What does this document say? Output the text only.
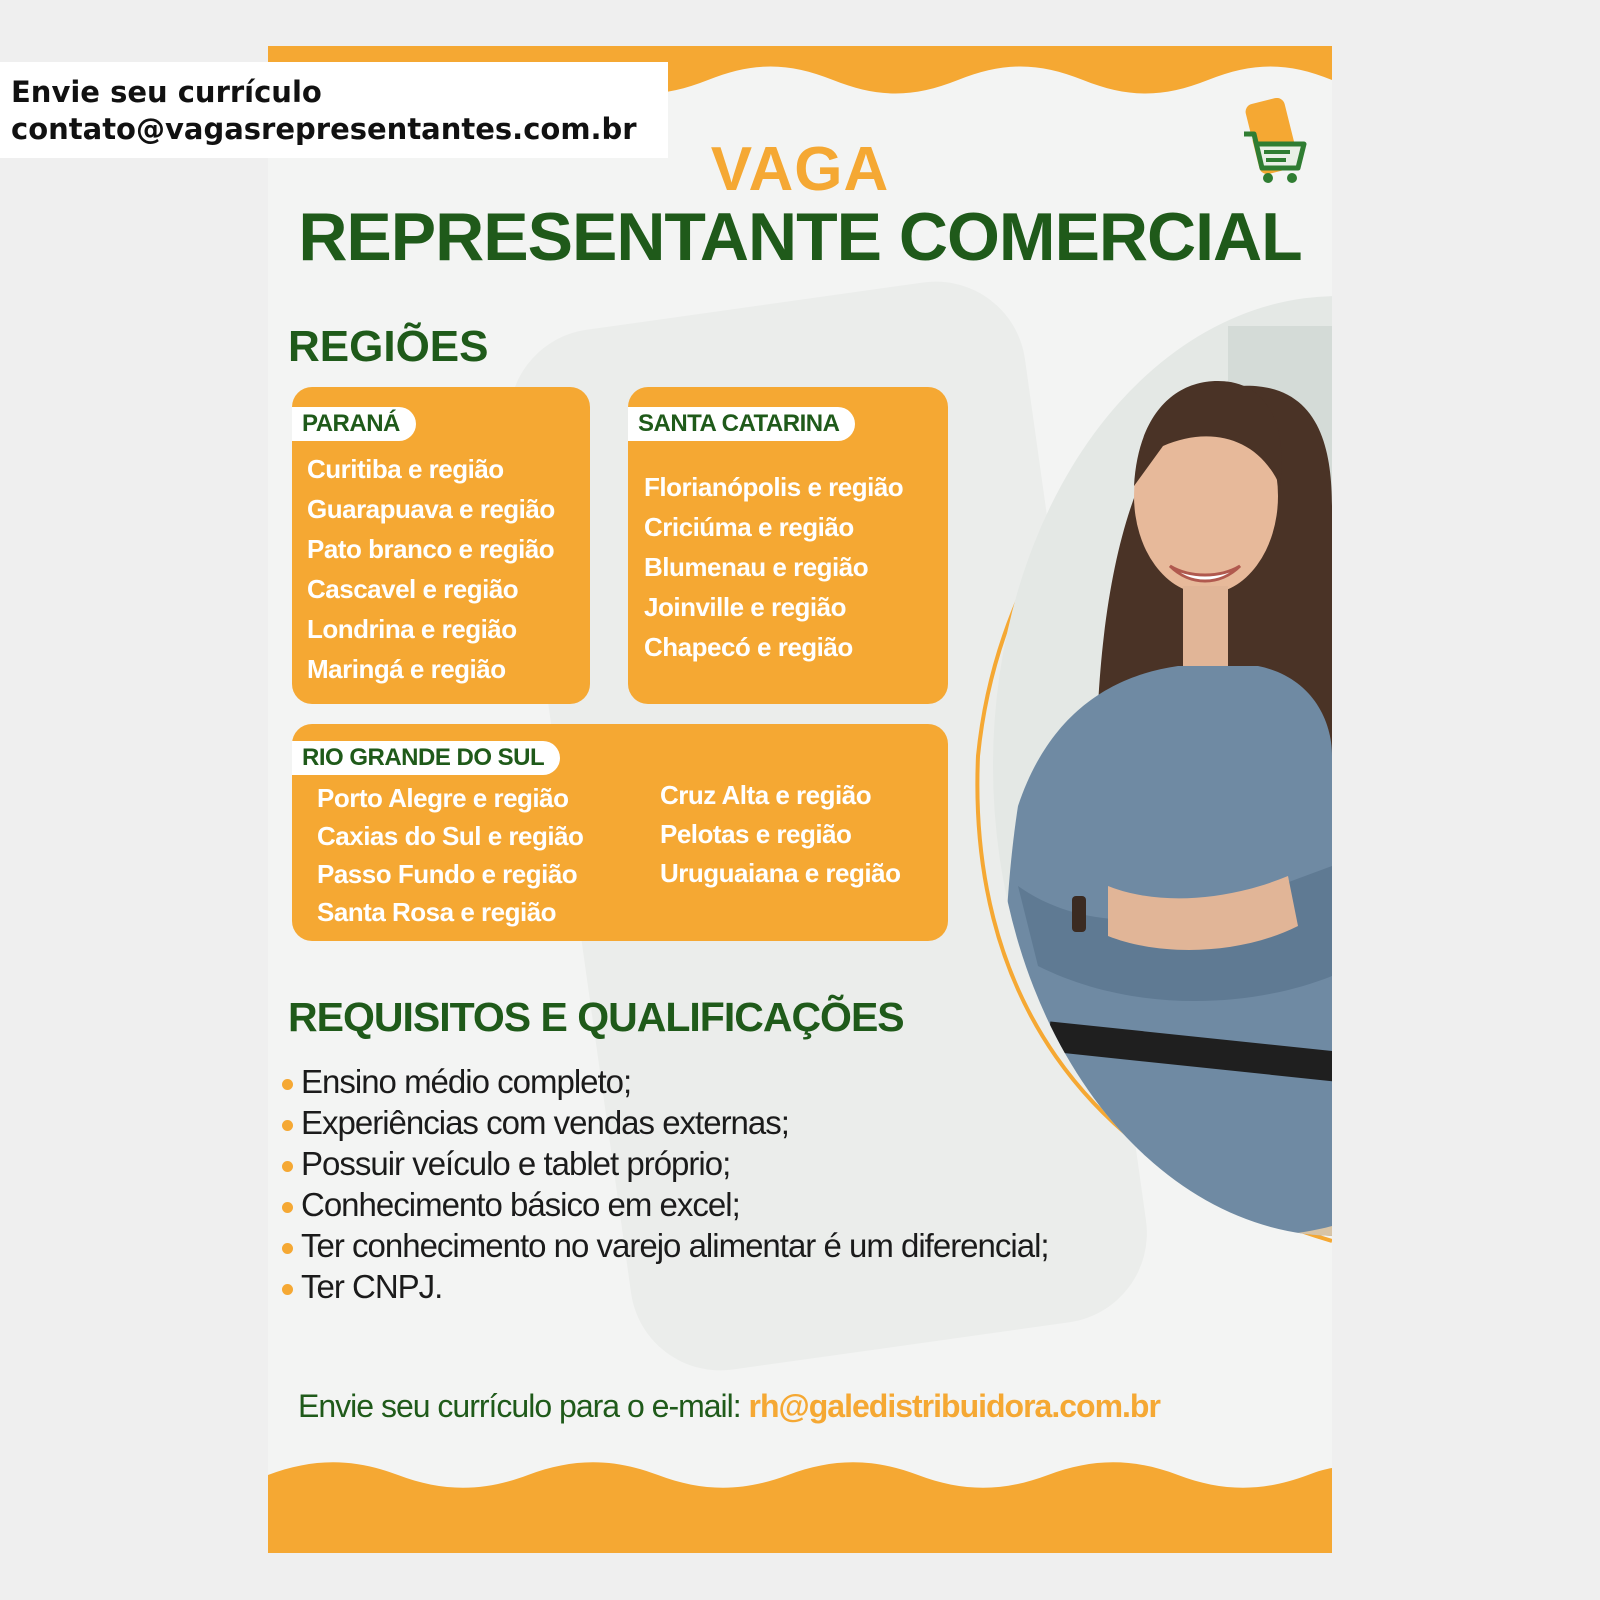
Envie seu currículo
contato@vagasrepresentantes.com.br
VAGA
REPRESENTANTE COMERCIAL
REGIÕES
PARANÁ
Curitiba e região
Guarapuava e região
Pato branco e região
Cascavel e região
Londrina e região
Maringá e região
SANTA CATARINA
Florianópolis e região
Criciúma e região
Blumenau e região
Joinville e região
Chapecó e região
RIO GRANDE DO SUL
Porto Alegre e região
Caxias do Sul e região
Passo Fundo e região
Santa Rosa e região
Cruz Alta e região
Pelotas e região
Uruguaiana e região
REQUISITOS E QUALIFICAÇÕES
Ensino médio completo;
Experiências com vendas externas;
Possuir veículo e tablet próprio;
Conhecimento básico em excel;
Ter conhecimento no varejo alimentar é um diferencial;
Ter CNPJ.
Envie seu currículo para o e-mail: rh@galedistribuidora.com.br
